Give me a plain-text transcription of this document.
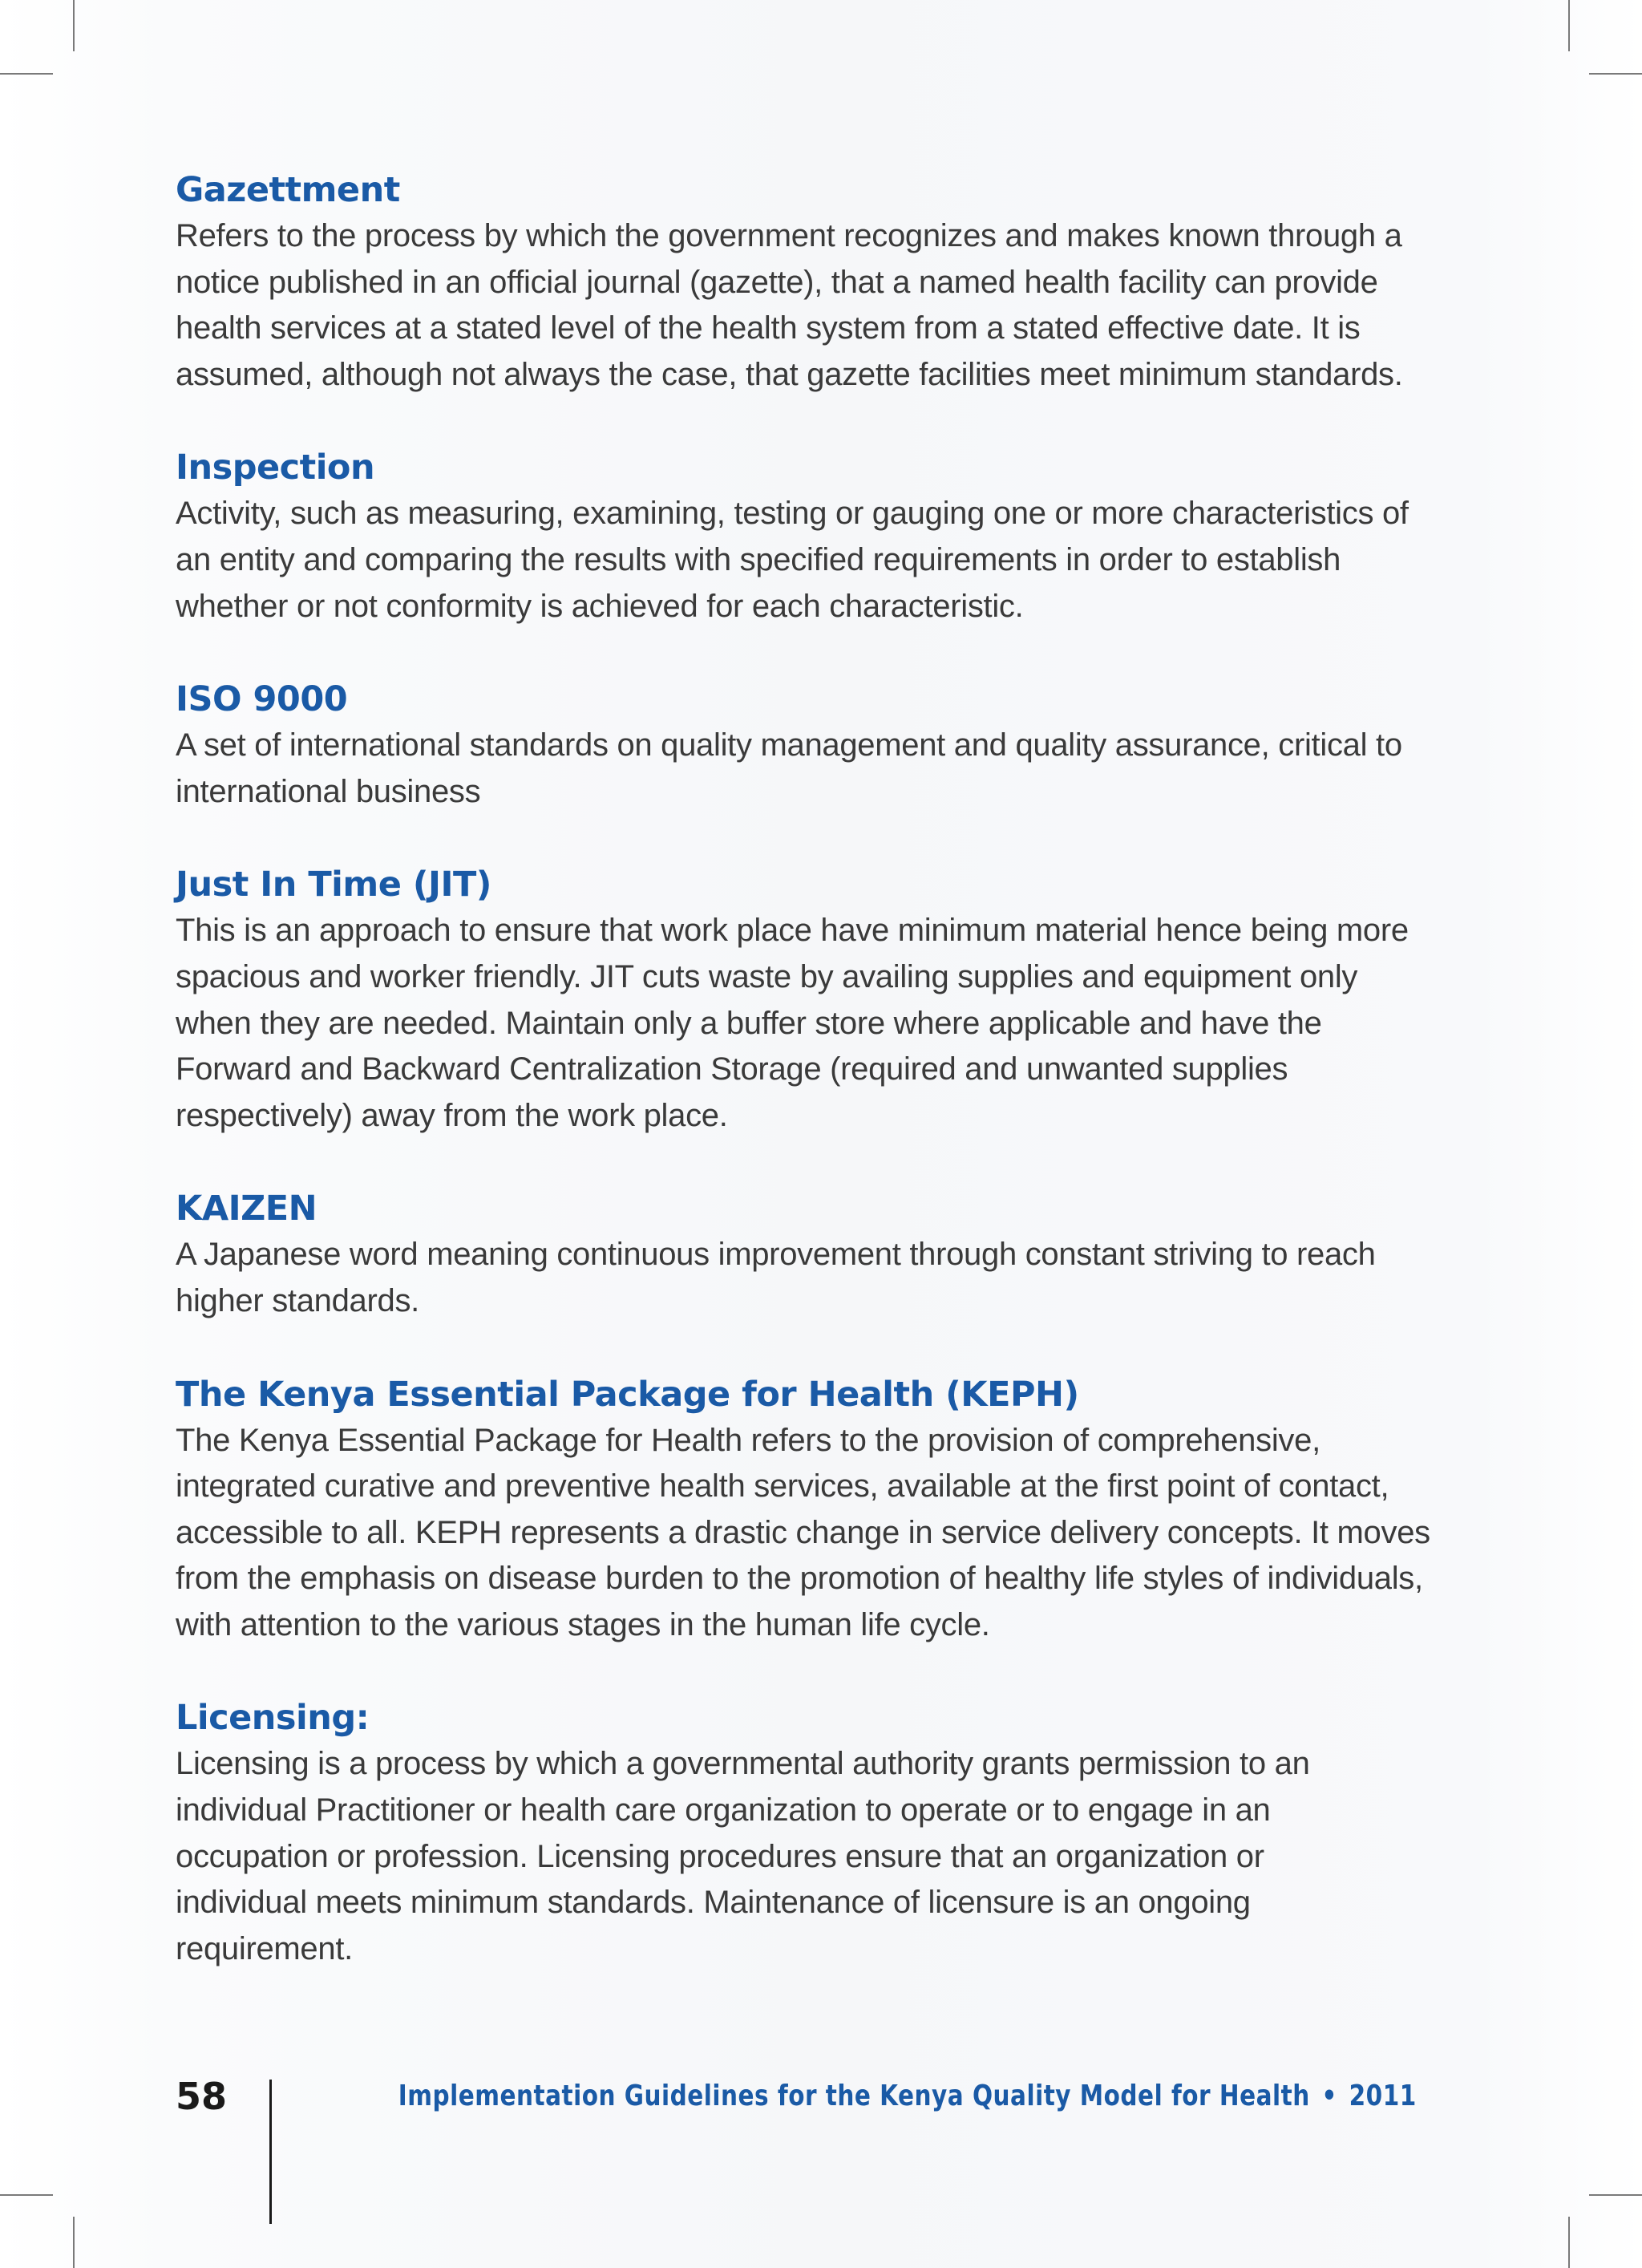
Gazettment

Refers to the process by which the government recognizes and makes known through a notice published in an official journal (gazette), that a named health facility can provide health services at a stated level of the health system from a stated effective date. It is assumed, although not always the case, that gazette facilities meet minimum standards.

Inspection

Activity, such as measuring, examining, testing or gauging one or more characteristics of an entity and comparing the results with specified requirements in order to establish whether or not conformity is achieved for each characteristic.

ISO 9000

A set of international standards on quality management and quality assurance, critical to international business

Just In Time (JIT)

This is an approach to ensure that work place have minimum material hence being more spacious and worker friendly. JIT cuts waste by availing supplies and equipment only when they are needed. Maintain only a buffer store where applicable and have the Forward and Backward Centralization Storage (required and unwanted supplies respectively) away from the work place.

KAIZEN

A Japanese word meaning continuous improvement through constant striving to reach higher standards.

The Kenya Essential Package for Health (KEPH)

The Kenya Essential Package for Health refers to the provision of comprehensive, integrated curative and preventive health services, available at the first point of contact, accessible to all. KEPH represents a drastic change in service delivery concepts. It moves from the emphasis on disease burden to the promotion of healthy life styles of individuals, with attention to the various stages in the human life cycle.

Licensing:

Licensing is a process by which a governmental authority grants permission to an individual Practitioner or health care organization to operate or to engage in an occupation or profession. Licensing procedures ensure that an organization or individual meets minimum standards. Maintenance of licensure is an ongoing requirement.

58	Implementation Guidelines for the Kenya Quality Model for Health • 2011
